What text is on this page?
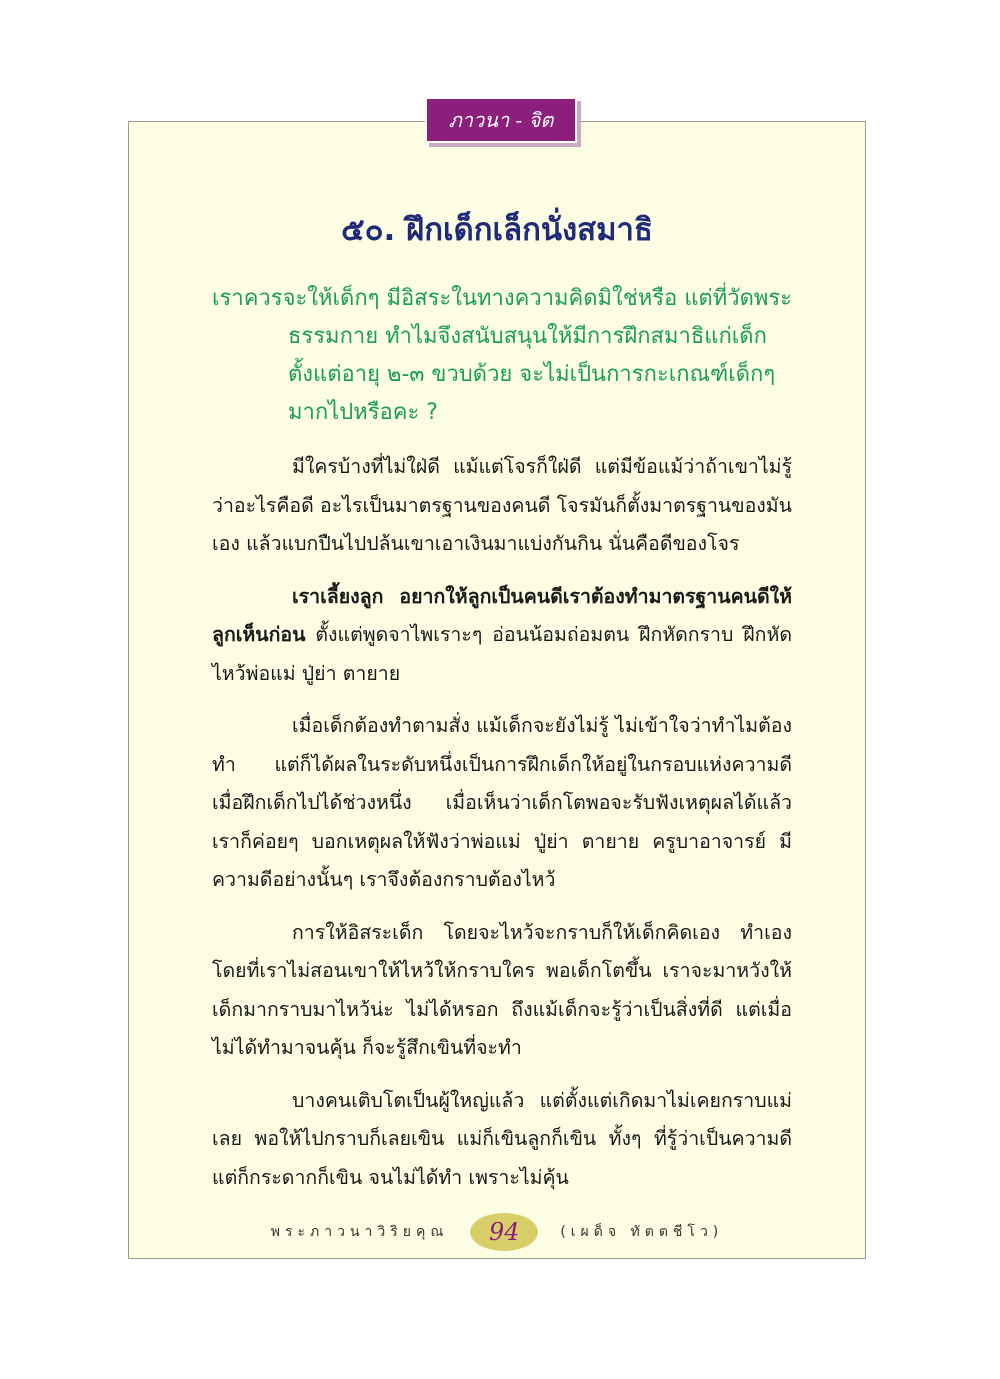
ภาวนา - จิต
๕๐. ฝึกเด็กเล็กนั่งสมาธิ

เราควรจะให้เด็กๆ มีอิสระในทางความคิดมิใช่หรือ แต่ที่วัดพระธรรมกาย ทำไมจึงสนับสนุนให้มีการฝึกสมาธิแก่เด็กตั้งแต่อายุ ๒-๓ ขวบด้วย จะไม่เป็นการกะเกณฑ์เด็กๆ มากไปหรือคะ ?

มีใครบ้างที่ไม่ใฝ่ดี แม้แต่โจรก็ใฝ่ดี แต่มีข้อแม้ว่าถ้าเขาไม่รู้ว่าอะไรคือดี อะไรเป็นมาตรฐานของคนดี โจรมันก็ตั้งมาตรฐานของมันเอง แล้วแบกปืนไปปล้นเขาเอาเงินมาแบ่งกันกิน นั่นคือดีของโจร

เราเลี้ยงลูก อยากให้ลูกเป็นคนดีเราต้องทำมาตรฐานคนดีให้ลูกเห็นก่อน ตั้งแต่พูดจาไพเราะๆ อ่อนน้อมถ่อมตน ฝึกหัดกราบ ฝึกหัดไหว้พ่อแม่ ปู่ย่า ตายาย

เมื่อเด็กต้องทำตามสั่ง แม้เด็กจะยังไม่รู้ ไม่เข้าใจว่าทำไมต้องทำ แต่ก็ได้ผลในระดับหนึ่งเป็นการฝึกเด็กให้อยู่ในกรอบแห่งความดี เมื่อฝึกเด็กไปได้ช่วงหนึ่ง เมื่อเห็นว่าเด็กโตพอจะรับฟังเหตุผลได้แล้ว เราก็ค่อยๆ บอกเหตุผลให้ฟังว่าพ่อแม่ ปู่ย่า ตายาย ครูบาอาจารย์ มีความดีอย่างนั้นๆ เราจึงต้องกราบต้องไหว้

การให้อิสระเด็ก โดยจะไหว้จะกราบก็ให้เด็กคิดเอง ทำเอง โดยที่เราไม่สอนเขาให้ไหว้ให้กราบใคร พอเด็กโตขึ้น เราจะมาหวังให้เด็กมากราบมาไหว้น่ะ ไม่ได้หรอก ถึงแม้เด็กจะรู้ว่าเป็นสิ่งที่ดี แต่เมื่อไม่ได้ทำมาจนคุ้น ก็จะรู้สึกเขินที่จะทำ

บางคนเติบโตเป็นผู้ใหญ่แล้ว แต่ตั้งแต่เกิดมาไม่เคยกราบแม่เลย พอให้ไปกราบก็เลยเขิน แม่ก็เขินลูกก็เขิน ทั้งๆ ที่รู้ว่าเป็นความดี แต่ก็กระดากก็เขิน จนไม่ได้ทำ เพราะไม่คุ้น

พระภาวนาวิริยคุณ	94	(เผด็จ ทัตตชีโว)
